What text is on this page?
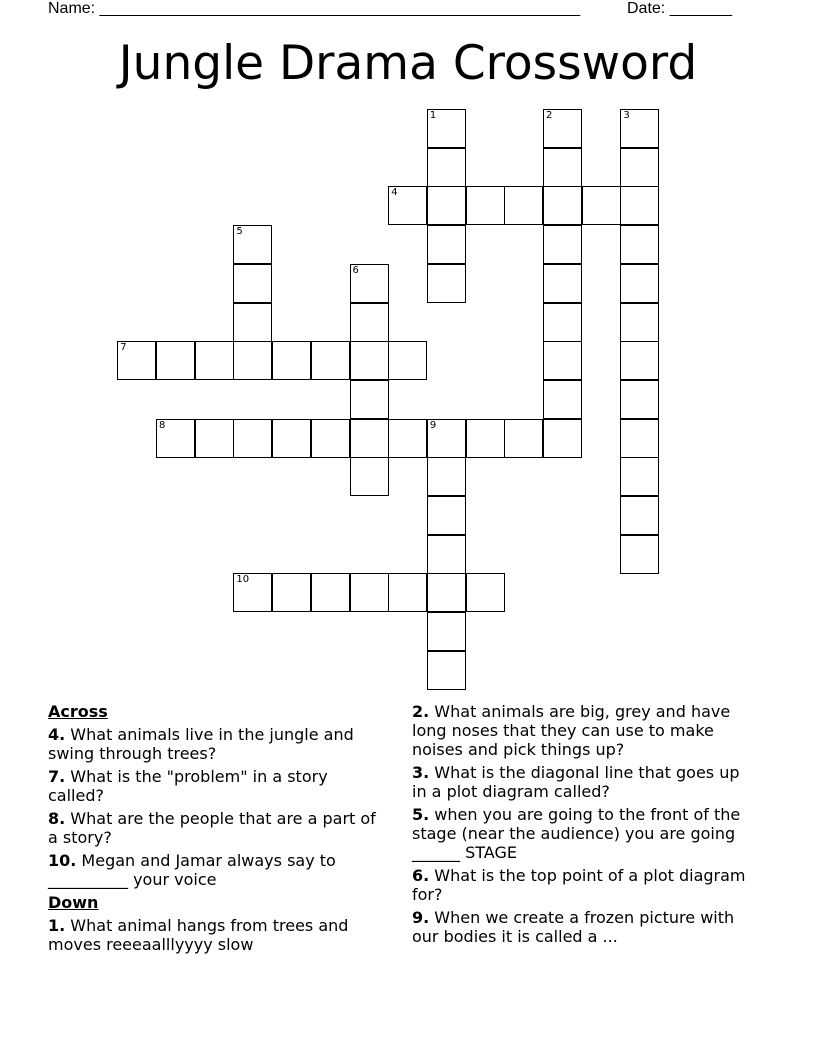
Name: ______________________________________________________	Date: _______
Jungle Drama Crossword
1	2	3
4
5
6
7
8	9
10
Across
4. What animals live in the jungle and swing through trees?
7. What is the "problem" in a story called?
8. What are the people that are a part of a story?
10. Megan and Jamar always say to __________ your voice
Down
1. What animal hangs from trees and moves reeeaalllyyyy slow
2. What animals are big, grey and have long noses that they can use to make noises and pick things up?
3. What is the diagonal line that goes up in a plot diagram called?
5. when you are going to the front of the stage (near the audience) you are going ______ STAGE
6. What is the top point of a plot diagram for?
9. When we create a frozen picture with our bodies it is called a ...
